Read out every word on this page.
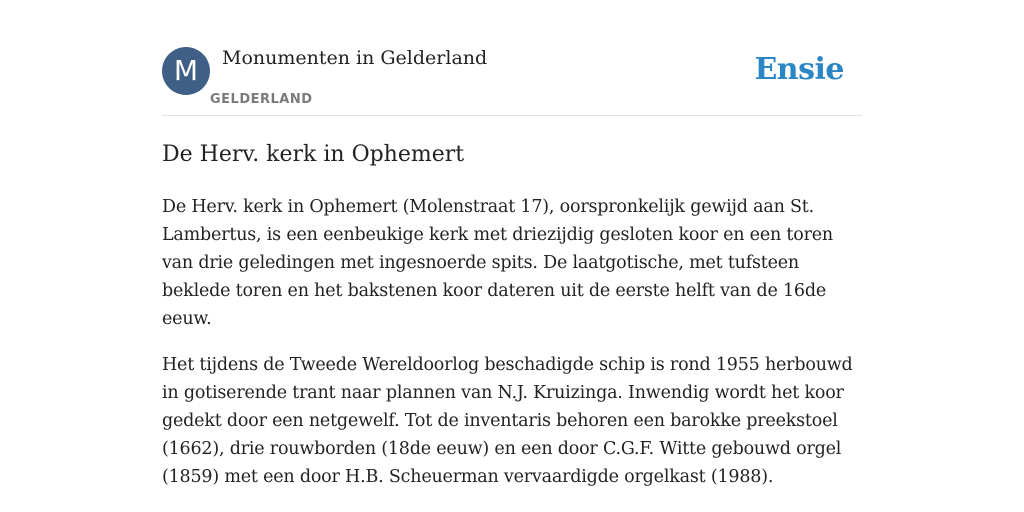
M	Monumenten in Gelderland
GELDERLAND
Ensie
De Herv. kerk in Ophemert

De Herv. kerk in Ophemert (Molenstraat 17), oorspronkelijk gewijd aan St. Lambertus, is een eenbeukige kerk met driezijdig gesloten koor en een toren van drie geledingen met ingesnoerde spits. De laatgotische, met tufsteen beklede toren en het bakstenen koor dateren uit de eerste helft van de 16de eeuw.

Het tijdens de Tweede Wereldoorlog beschadigde schip is rond 1955 herbouwd in gotiserende trant naar plannen van N.J. Kruizinga. Inwendig wordt het koor gedekt door een netgewelf. Tot de inventaris behoren een barokke preekstoel (1662), drie rouwborden (18de eeuw) en een door C.G.F. Witte gebouwd orgel (1859) met een door H.B. Scheuerman vervaardigde orgelkast (1988).
